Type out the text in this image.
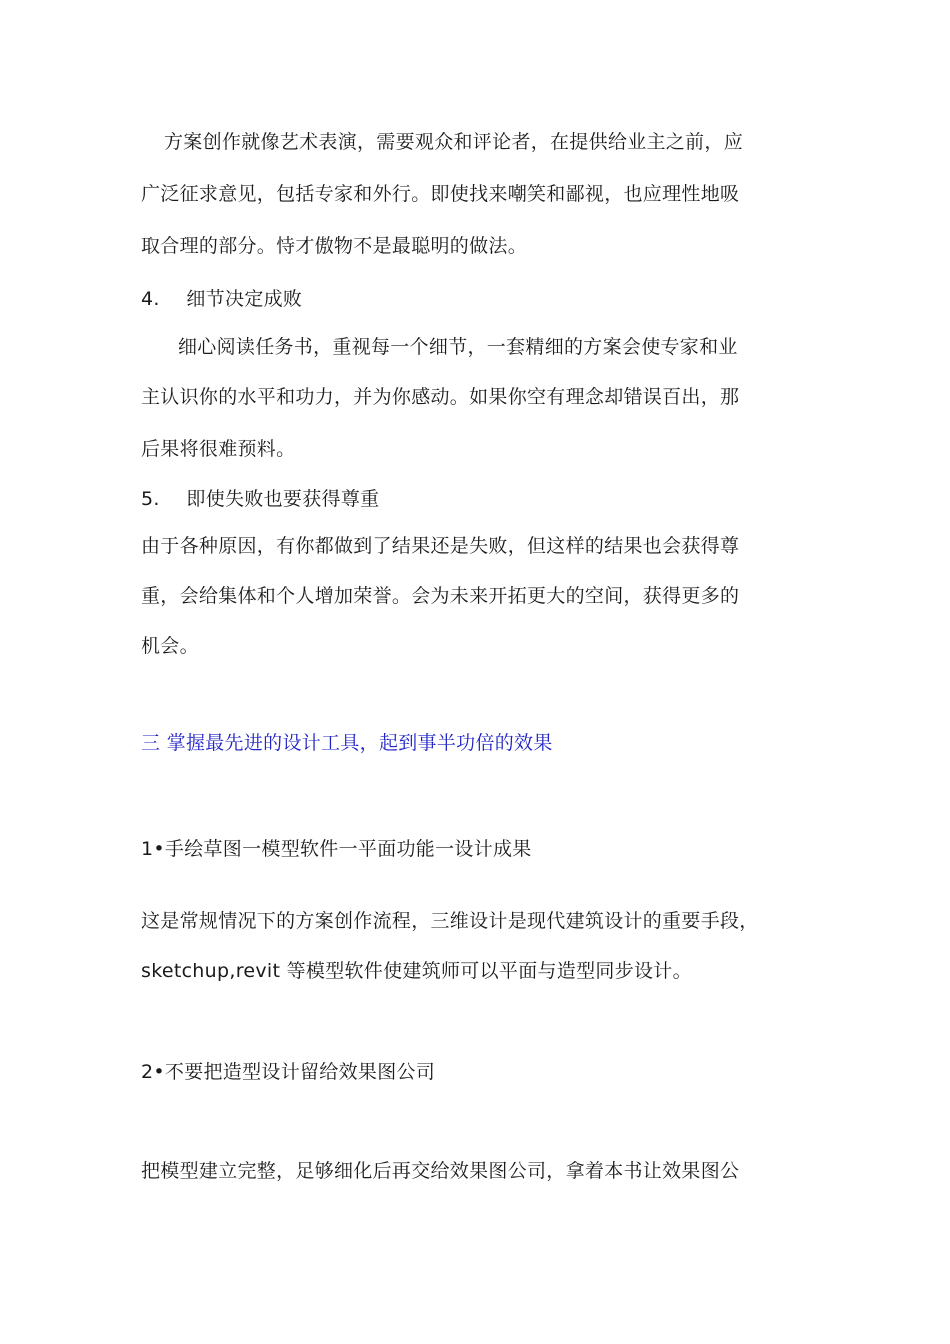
方案创作就像艺术表演，需要观众和评论者，在提供给业主之前，应
广泛征求意见，包括专家和外行。即使找来嘲笑和鄙视，也应理性地吸
取合理的部分。恃才傲物不是最聪明的做法。
4. 细节决定成败
细心阅读任务书，重视每一个细节，一套精细的方案会使专家和业
主认识你的水平和功力，并为你感动。如果你空有理念却错误百出，那
后果将很难预料。
5. 即使失败也要获得尊重
由于各种原因，有你都做到了结果还是失败，但这样的结果也会获得尊
重，会给集体和个人增加荣誉。会为未来开拓更大的空间，获得更多的
机会。
三 掌握最先进的设计工具，起到事半功倍的效果
1•手绘草图一模型软件一平面功能一设计成果
这是常规情况下的方案创作流程，三维设计是现代建筑设计的重要手段，
sketchup,revit 等模型软件使建筑师可以平面与造型同步设计。
2•不要把造型设计留给效果图公司
把模型建立完整，足够细化后再交给效果图公司，拿着本书让效果图公
